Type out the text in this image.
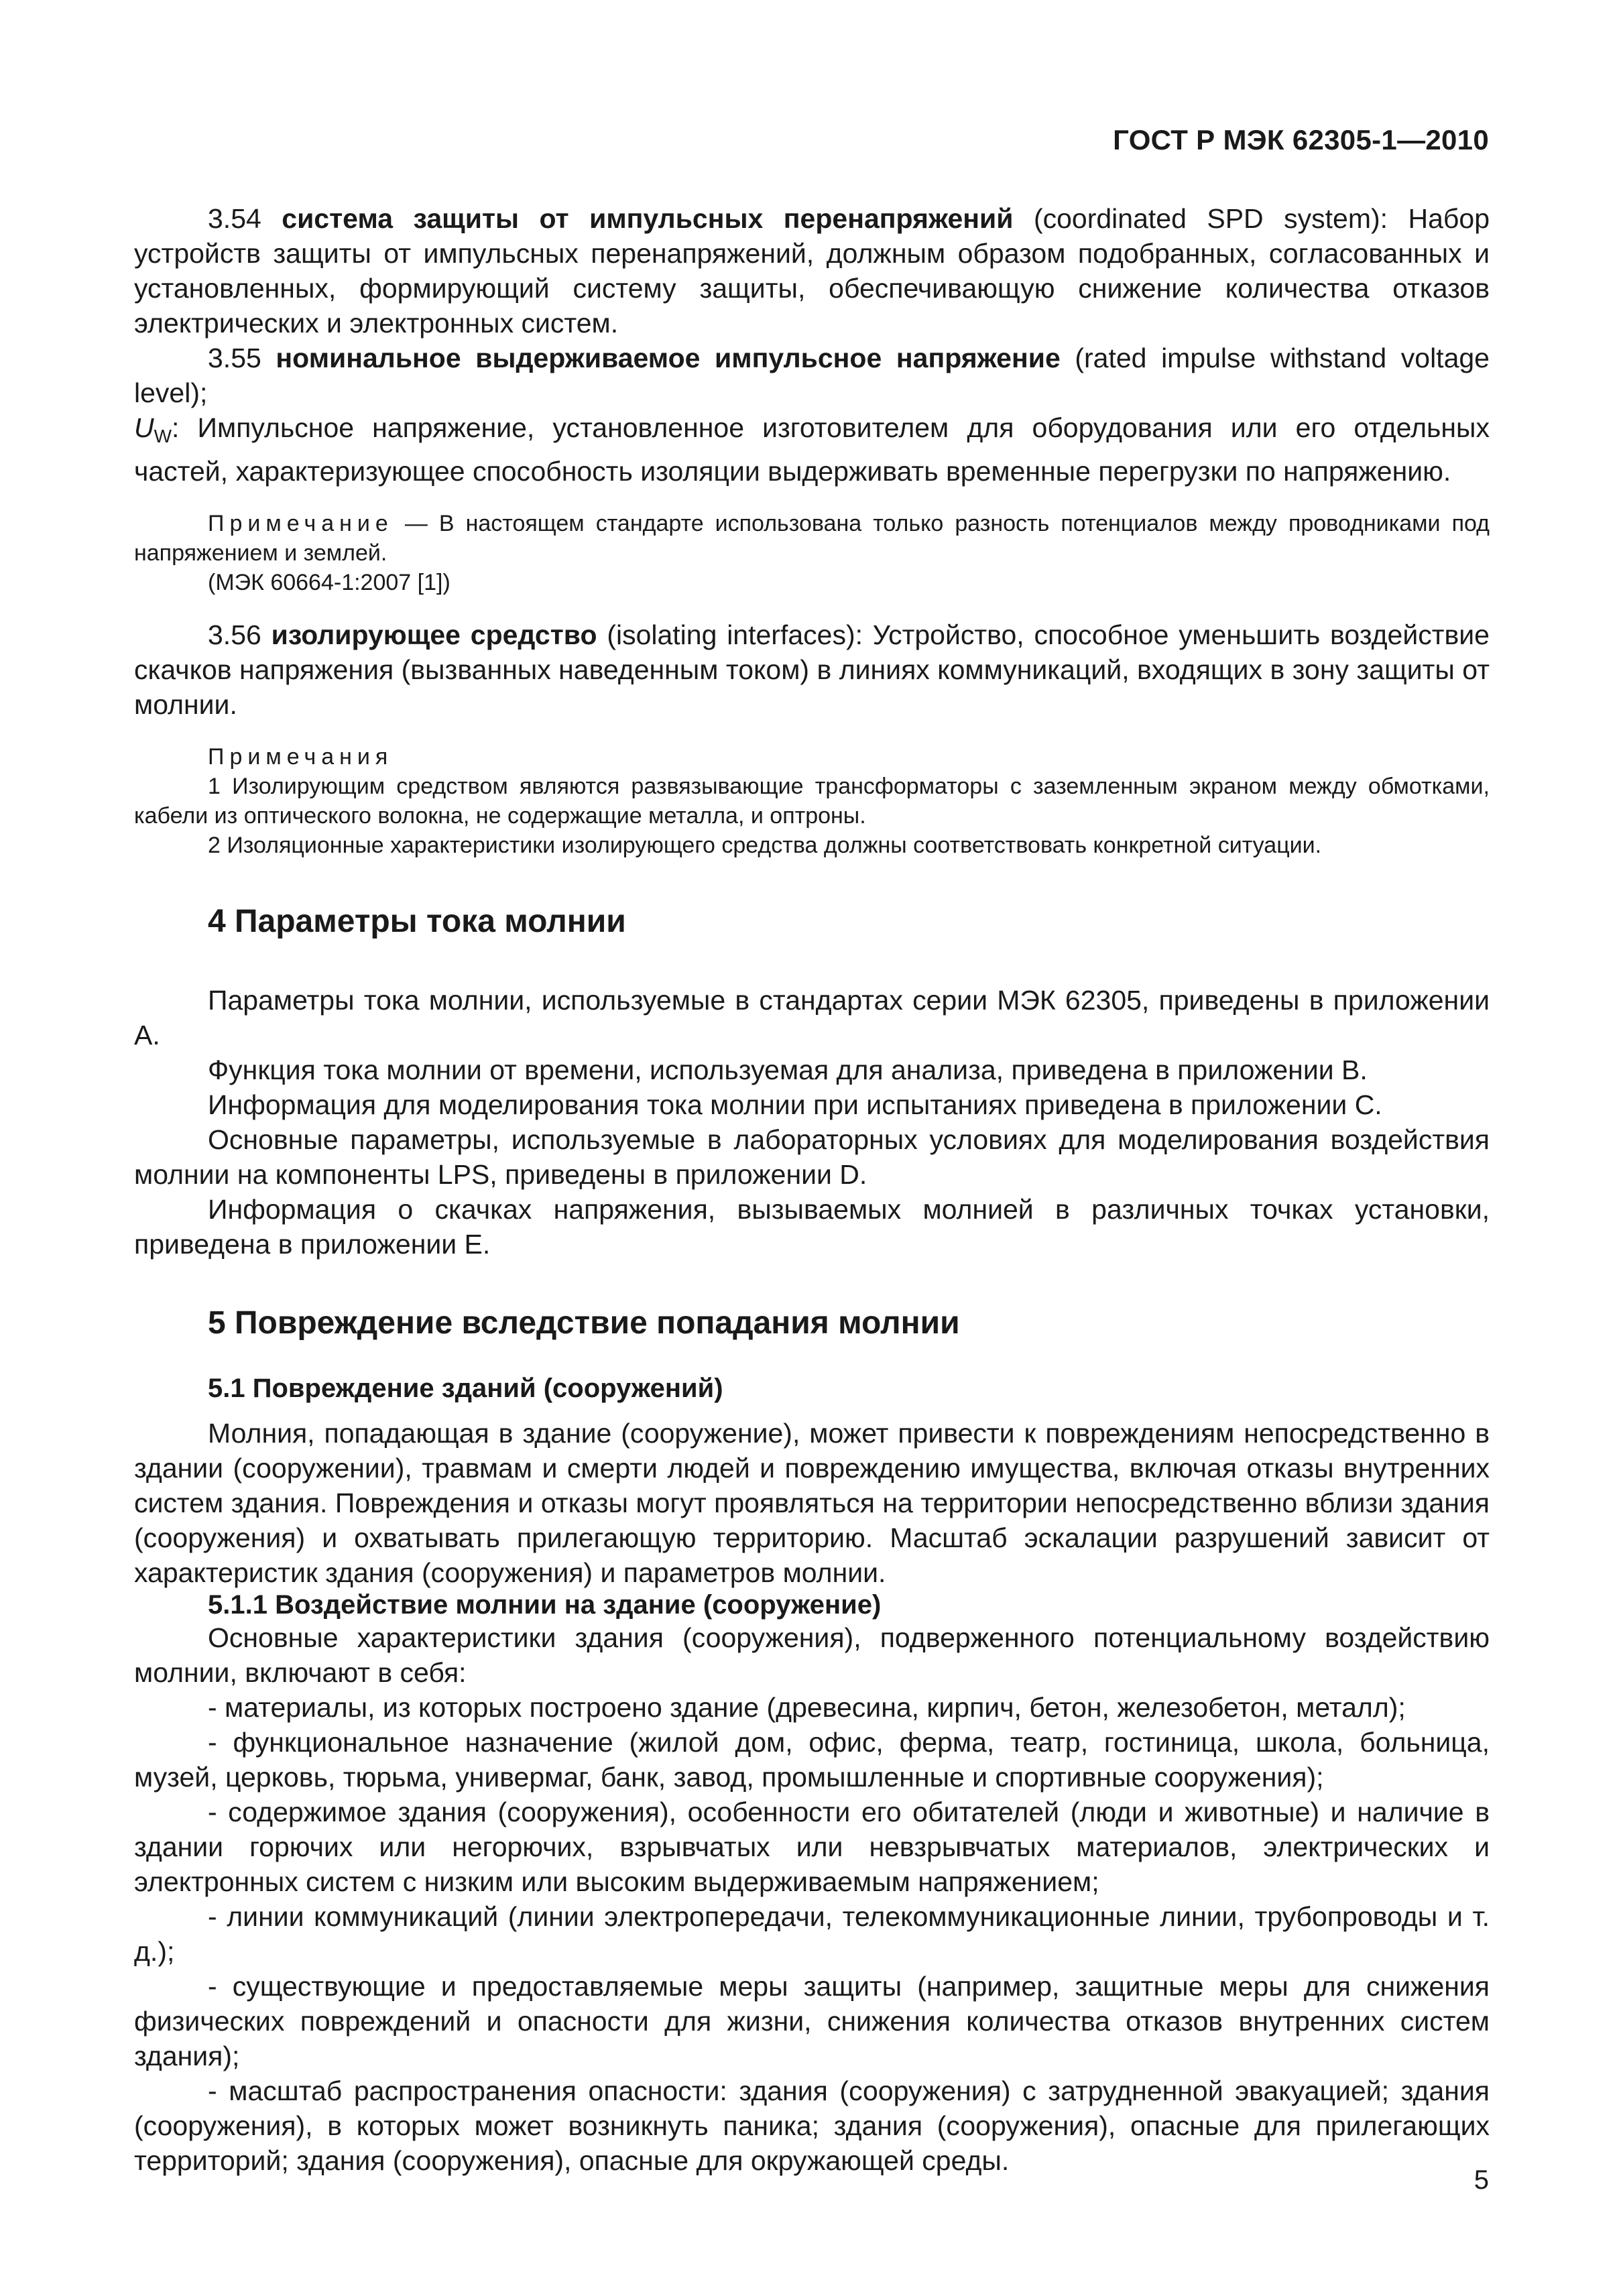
ГОСТ Р МЭК 62305-1—2010

3.54 система защиты от импульсных перенапряжений (coordinated SPD system): Набор устройств защиты от импульсных перенапряжений, должным образом подобранных, согласованных и установленных, формирующий систему защиты, обеспечивающую снижение количества отказов электрических и электронных систем.

3.55 номинальное выдерживаемое импульсное напряжение (rated impulse withstand voltage level);

$U_W$: Импульсное напряжение, установленное изготовителем для оборудования или его отдельных частей, характеризующее способность изоляции выдерживать временные перегрузки по напряжению.

Примечание — В настоящем стандарте использована только разность потенциалов между проводниками под напряжением и землей.

(МЭК 60664-1:2007 [1])

3.56 изолирующее средство (isolating interfaces): Устройство, способное уменьшить воздействие скачков напряжения (вызванных наведенным током) в линиях коммуникаций, входящих в зону защиты от молнии.

Примечания

1 Изолирующим средством являются развязывающие трансформаторы с заземленным экраном между обмотками, кабели из оптического волокна, не содержащие металла, и оптроны.

2 Изоляционные характеристики изолирующего средства должны соответствовать конкретной ситуации.

4 Параметры тока молнии

Параметры тока молнии, используемые в стандартах серии МЭК 62305, приведены в приложении А.

Функция тока молнии от времени, используемая для анализа, приведена в приложении B.

Информация для моделирования тока молнии при испытаниях приведена в приложении C.

Основные параметры, используемые в лабораторных условиях для моделирования воздействия молнии на компоненты LPS, приведены в приложении D.

Информация о скачках напряжения, вызываемых молнией в различных точках установки, приведена в приложении E.

5 Повреждение вследствие попадания молнии
5.1 Повреждение зданий (сооружений)

Молния, попадающая в здание (сооружение), может привести к повреждениям непосредственно в здании (сооружении), травмам и смерти людей и повреждению имущества, включая отказы внутренних систем здания. Повреждения и отказы могут проявляться на территории непосредственно вблизи здания (сооружения) и охватывать прилегающую территорию. Масштаб эскалации разрушений зависит от характеристик здания (сооружения) и параметров молнии.

5.1.1 Воздействие молнии на здание (сооружение)

Основные характеристики здания (сооружения), подверженного потенциальному воздействию молнии, включают в себя:

- материалы, из которых построено здание (древесина, кирпич, бетон, железобетон, металл);

- функциональное назначение (жилой дом, офис, ферма, театр, гостиница, школа, больница, музей, церковь, тюрьма, универмаг, банк, завод, промышленные и спортивные сооружения);

- содержимое здания (сооружения), особенности его обитателей (люди и животные) и наличие в здании горючих или негорючих, взрывчатых или невзрывчатых материалов, электрических и электронных систем с низким или высоким выдерживаемым напряжением;

- линии коммуникаций (линии электропередачи, телекоммуникационные линии, трубопроводы и т. д.);

- существующие и предоставляемые меры защиты (например, защитные меры для снижения физических повреждений и опасности для жизни, снижения количества отказов внутренних систем здания);

- масштаб распространения опасности: здания (сооружения) с затрудненной эвакуацией; здания (сооружения), в которых может возникнуть паника; здания (сооружения), опасные для прилегающих территорий; здания (сооружения), опасные для окружающей среды.

5
